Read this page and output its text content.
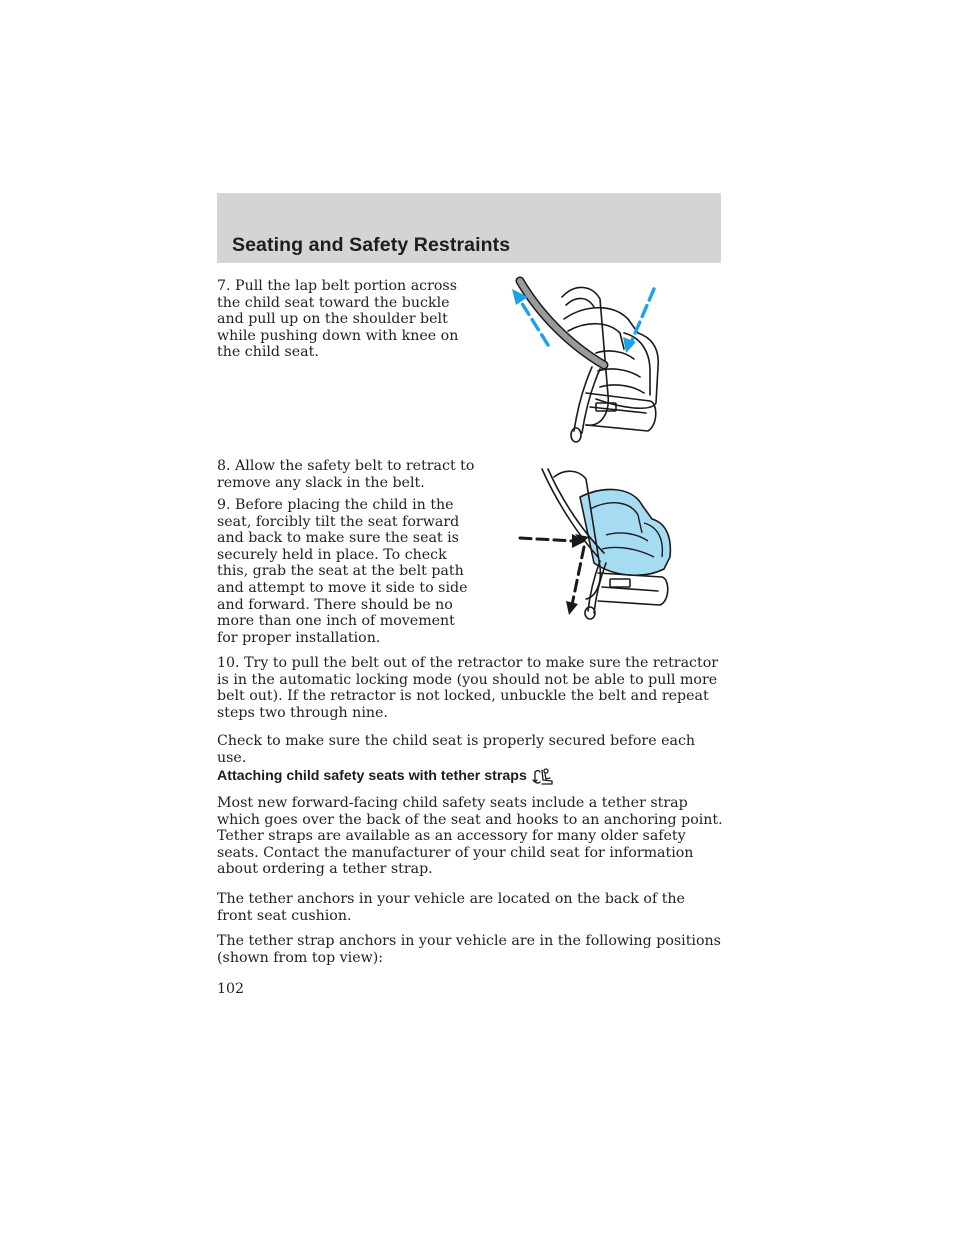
Seating and Safety Restraints

7. Pull the lap belt portion across the child seat toward the buckle and pull up on the shoulder belt while pushing down with knee on the child seat.

8. Allow the safety belt to retract to remove any slack in the belt.

9. Before placing the child in the seat, forcibly tilt the seat forward and back to make sure the seat is securely held in place. To check this, grab the seat at the belt path and attempt to move it side to side and forward. There should be no more than one inch of movement for proper installation.

10. Try to pull the belt out of the retractor to make sure the retractor is in the automatic locking mode (you should not be able to pull more belt out). If the retractor is not locked, unbuckle the belt and repeat steps two through nine.

Check to make sure the child seat is properly secured before each use.

Attaching child safety seats with tether straps

Most new forward-facing child safety seats include a tether strap which goes over the back of the seat and hooks to an anchoring point. Tether straps are available as an accessory for many older safety seats. Contact the manufacturer of your child seat for information about ordering a tether strap.

The tether anchors in your vehicle are located on the back of the front seat cushion.

The tether strap anchors in your vehicle are in the following positions (shown from top view):

102
